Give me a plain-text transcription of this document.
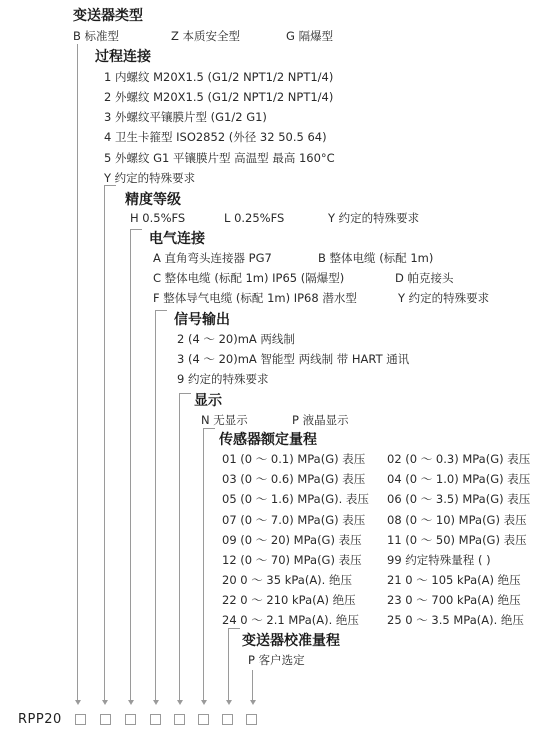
变送器类型
B 标准型	Z 本质安全型	G 隔爆型
过程连接
1 内螺纹 M20X1.5 (G1/2 NPT1/2 NPT1/4)
2 外螺纹 M20X1.5 (G1/2 NPT1/2 NPT1/4)
3 外螺纹平镶膜片型 (G1/2 G1)
4 卫生卡箍型 ISO2852 (外径 32 50.5 64)
5 外螺纹 G1 平镶膜片型 高温型 最高 160°C
Y 约定的特殊要求
精度等级
H 0.5%FS	L 0.25%FS	Y 约定的特殊要求
电气连接
A 直角弯头连接器 PG7	B 整体电缆 (标配 1m)
C 整体电缆 (标配 1m) IP65 (隔爆型)	D 帕克接头
F 整体导气电缆 (标配 1m) IP68 潜水型	Y 约定的特殊要求
信号输出
2 (4 ～ 20)mA 两线制
3 (4 ～ 20)mA 智能型 两线制 带 HART 通讯
9 约定的特殊要求
显示
N 无显示	P 液晶显示
传感器额定量程
01 (0 ～ 0.1) MPa(G) 表压 02 (0 ～ 0.3) MPa(G) 表压
03 (0 ～ 0.6) MPa(G) 表压 04 (0 ～ 1.0) MPa(G) 表压
05 (0 ～ 1.6) MPa(G). 表压 06 (0 ～ 3.5) MPa(G) 表压
07 (0 ～ 7.0) MPa(G) 表压 08 (0 ～ 10) MPa(G) 表压
09 (0 ～ 20) MPa(G) 表压 11 (0 ～ 50) MPa(G) 表压
12 (0 ～ 70) MPa(G) 表压 99 约定特殊量程 ( )
20 0 ～ 35 kPa(A). 绝压	21 0 ～ 105 kPa(A) 绝压
22 0 ～ 210 kPa(A) 绝压	23 0 ～ 700 kPa(A) 绝压
24 0 ～ 2.1 MPa(A). 绝压 25 0 ～ 3.5 MPa(A). 绝压
变送器校准量程
P 客户选定
RPP20
